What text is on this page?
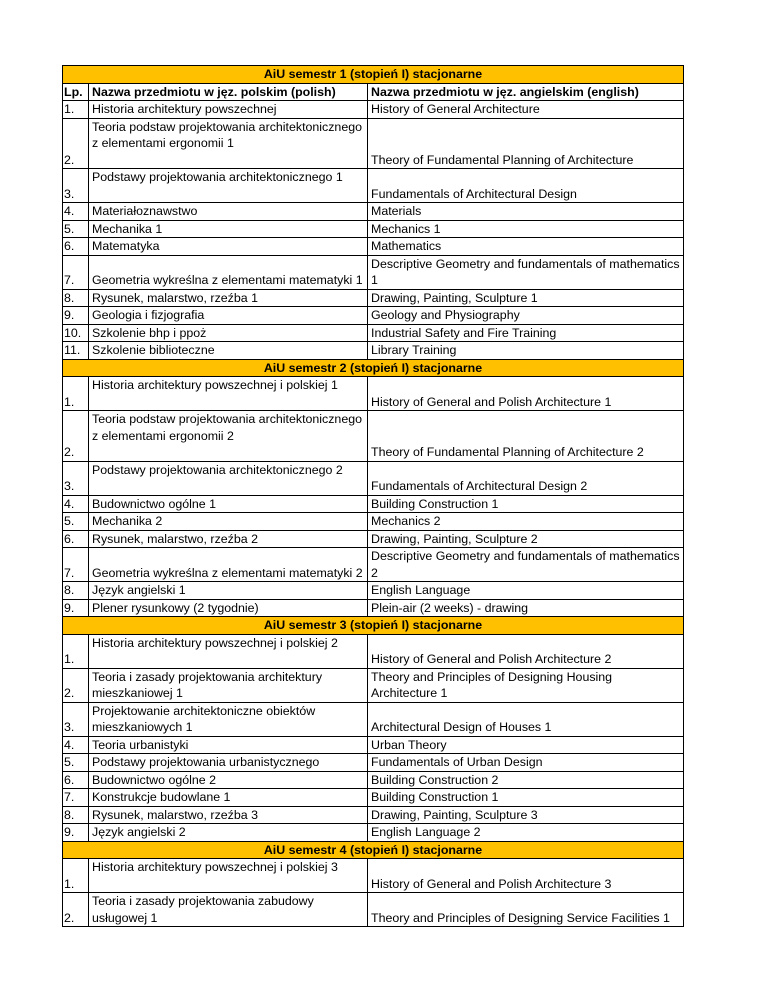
AiU semestr 1 (stopień I) stacjonarne		
Lp.	Nazwa przedmiotu w jęz. polskim (polish)	Nazwa przedmiotu w jęz. angielskim (english)
1.	Historia architektury powszechnej	History of General Architecture
2.	Teoria podstaw projektowania architektonicznego z elementami ergonomii 1	Theory of Fundamental Planning of Architecture
3.	Podstawy projektowania architektonicznego 1	Fundamentals of Architectural Design
4.	Materiałoznawstwo	Materials
5.	Mechanika 1	Mechanics 1
6.	Matematyka	Mathematics
7.	Geometria wykreślna z elementami matematyki 1	Descriptive Geometry and fundamentals of mathematics 1
8.	Rysunek, malarstwo, rzeźba 1	Drawing, Painting, Sculpture 1
9.	Geologia i fizjografia	Geology and Physiography
10.	Szkolenie bhp i ppoż	Industrial Safety and Fire Training
11.	Szkolenie biblioteczne	Library Training
AiU semestr 2 (stopień I) stacjonarne		
1.	Historia architektury powszechnej i polskiej 1	History of General and Polish Architecture 1
2.	Teoria podstaw projektowania architektonicznego z elementami ergonomii 2	Theory of Fundamental Planning of Architecture 2
3.	Podstawy projektowania architektonicznego 2	Fundamentals of Architectural Design 2
4.	Budownictwo ogólne 1	Building Construction 1
5.	Mechanika 2	Mechanics 2
6.	Rysunek, malarstwo, rzeźba 2	Drawing, Painting, Sculpture 2
7.	Geometria wykreślna z elementami matematyki 2	Descriptive Geometry and fundamentals of mathematics 2
8.	Język angielski 1	English Language
9.	Plener rysunkowy (2 tygodnie)	Plein-air (2 weeks) - drawing
AiU semestr 3 (stopień I) stacjonarne		
1.	Historia architektury powszechnej i polskiej 2	History of General and Polish Architecture 2
2.	Teoria i zasady projektowania architektury mieszkaniowej 1	Theory and Principles of Designing Housing Architecture 1
3.	Projektowanie architektoniczne obiektów mieszkaniowych 1	Architectural Design of Houses 1
4.	Teoria urbanistyki	Urban Theory
5.	Podstawy projektowania urbanistycznego	Fundamentals of Urban Design
6.	Budownictwo ogólne 2	Building Construction 2
7.	Konstrukcje budowlane 1	Building Construction 1
8.	Rysunek, malarstwo, rzeźba 3	Drawing, Painting, Sculpture 3
9.	Język angielski 2	English Language 2
AiU semestr 4 (stopień I) stacjonarne		
1.	Historia architektury powszechnej i polskiej 3	History of General and Polish Architecture 3
2.	Teoria i zasady projektowania zabudowy usługowej 1	Theory and Principles of Designing Service Facilities 1
